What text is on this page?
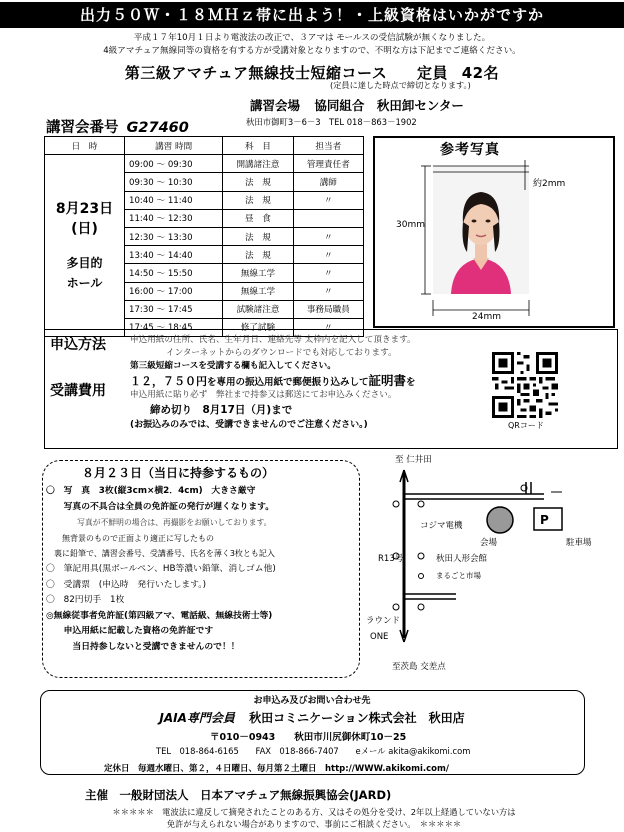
出力５０Ｗ・１８ＭＨｚ帯に出よう！・上級資格はいかがですか
平成１７年10月１日より電波法の改正で、３アマは モールスの受信試験が無くなりました。
4級アマチュア無線同等の資格を有する方が受講対象となりますので、不明な方は下記までご連絡ください。
第三級アマチュア無線技士短縮コース 定員 42名
(定員に達した時点で締切となります。)
講習会場 協同組合　秋田卸センター
秋田市御町3－6－3　TEL 018－863－1902
講習会番号 G27460
日　時	講習 時間	科　目	担当者

8月23日
(日)
多目的
ホール	09:00 ～ 09:30	開講諸注意	管理責任者
	09:30 ～ 10:30	法　規	講師
	10:40 ～ 11:40	法　規	〃
	11:40 ～ 12:30	昼　食	
	12:30 ～ 13:30	法　規	〃
	13:40 ～ 14:40	法　規	〃
	14:50 ～ 15:50	無線工学	〃
	16:00 ～ 17:00	無線工学	〃
	17:30 ～ 17:45	試験諸注意	事務局職員
	17:45 ～ 18:45	修了試験	〃
参考写真
約2mm
30mm
24mm
申込方法
受講費用
申込用紙の住所、氏名、生年月日、連絡先等 太枠内を記入して頂きます。
インターネットからのダウンロードでも対応しております。
第三級短縮コースを受講する欄も記入してください。
１２，７５０円を専用の振込用紙で郵便振り込みして証明書を
申込用紙に貼り必ず　弊社まで持参又は郵送にてお申込みください。
締め切り　8月17日（月)まで
(お振込みのみでは、受講できませんのでご注意ください。)	QRコード
８月２３日（当日に持参するもの）
〇　写　真　3枚(縦3cm×横2．4cm)　大きさ厳守
　　写真の不具合は全員の免許証の発行が遅くなります。
　　　　写真が不鮮明の場合は、再撮影をお願いしております。
　　無背景のもので正面より適正に写したもの
　裏に鉛筆で、講習会番号、受講番号、氏名を薄く3枚とも記入
〇　筆記用具(黒ボールペン、HB等濃い鉛筆、消しゴム他)
〇　受講票　(申込時　発行いたします。)
〇　82円切手　1枚
◎無線従事者免許証(第四級アマ、電話級、無線技術士等)
　　申込用紙に記載した資格の免許証です
　　　当日持参しないと受講できませんので！！
P
至 仁井田
コジマ電機
会場	駐車場
R13号	秋田人形会館
まるごと市場
ラウンド
ONE
至茨島 交差点
お申込み及びお問い合わせ先
JAIA専門会員 秋田コミニケーション株式会社　秋田店
〒010－0943　　秋田市川尻御休町10－25
TEL　018-864-6165　　FAX　018-866-7407　　eメール akita@akikomi.com
定休日　毎週水曜日、第２，４日曜日、毎月第２土曜日　http://WWW.akikomi.com/
主催　一般財団法人　日本アマチュア無線振興協会(JARD)
＊＊＊＊＊　電波法に違反して摘発されたことのある方、又はその処分を受け、2年以上経過していない方は
免許が与えられない場合がありますので、事前にご相談ください。　＊＊＊＊＊
